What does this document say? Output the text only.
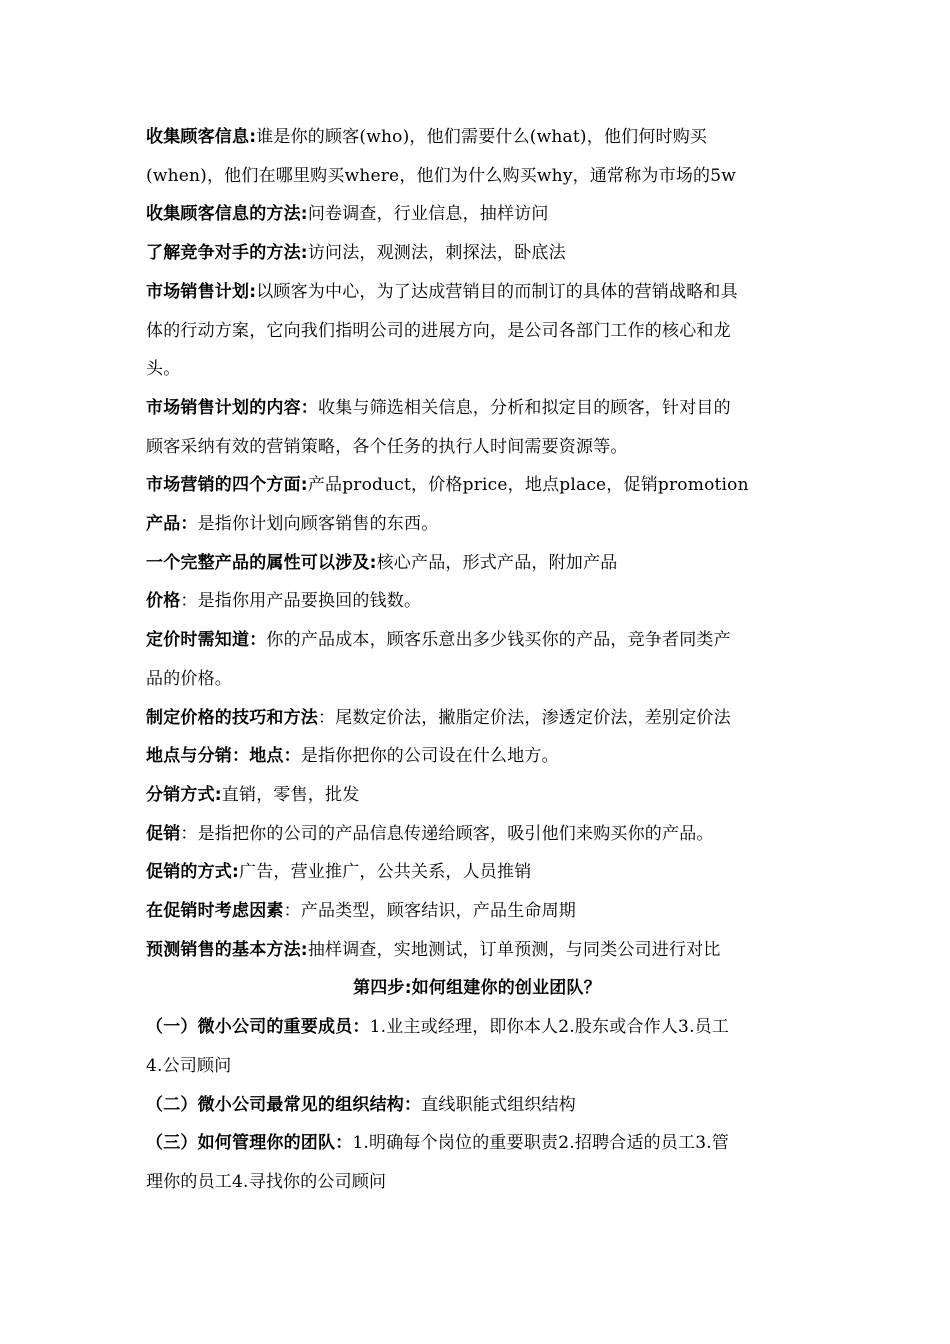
收集顾客信息:谁是你的顾客(who)，他们需要什么(what)，他们何时购买
(when)，他们在哪里购买where，他们为什么购买why，通常称为市场的5w
收集顾客信息的方法:问卷调查，行业信息，抽样访问
了解竞争对手的方法:访问法，观测法，刺探法，卧底法
市场销售计划:以顾客为中心，为了达成营销目的而制订的具体的营销战略和具
体的行动方案，它向我们指明公司的进展方向，是公司各部门工作的核心和龙
头。
市场销售计划的内容：收集与筛选相关信息，分析和拟定目的顾客，针对目的
顾客采纳有效的营销策略，各个任务的执行人时间需要资源等。
市场营销的四个方面:产品product，价格price，地点place，促销promotion
产品：是指你计划向顾客销售的东西。
一个完整产品的属性可以涉及:核心产品，形式产品，附加产品
价格：是指你用产品要换回的钱数。
定价时需知道：你的产品成本，顾客乐意出多少钱买你的产品，竞争者同类产
品的价格。
制定价格的技巧和方法：尾数定价法，撇脂定价法，渗透定价法，差别定价法
地点与分销：地点：是指你把你的公司设在什么地方。
分销方式:直销，零售，批发
促销：是指把你的公司的产品信息传递给顾客，吸引他们来购买你的产品。
促销的方式:广告，营业推广，公共关系，人员推销
在促销时考虑因素：产品类型，顾客结识，产品生命周期
预测销售的基本方法:抽样调查，实地测试，订单预测，与同类公司进行对比
第四步:如何组建你的创业团队？
（一）微小公司的重要成员：1.业主或经理，即你本人2.股东或合作人3.员工
4.公司顾问
（二）微小公司最常见的组织结构：直线职能式组织结构
（三）如何管理你的团队：1.明确每个岗位的重要职责2.招聘合适的员工3.管
理你的员工4.寻找你的公司顾问
